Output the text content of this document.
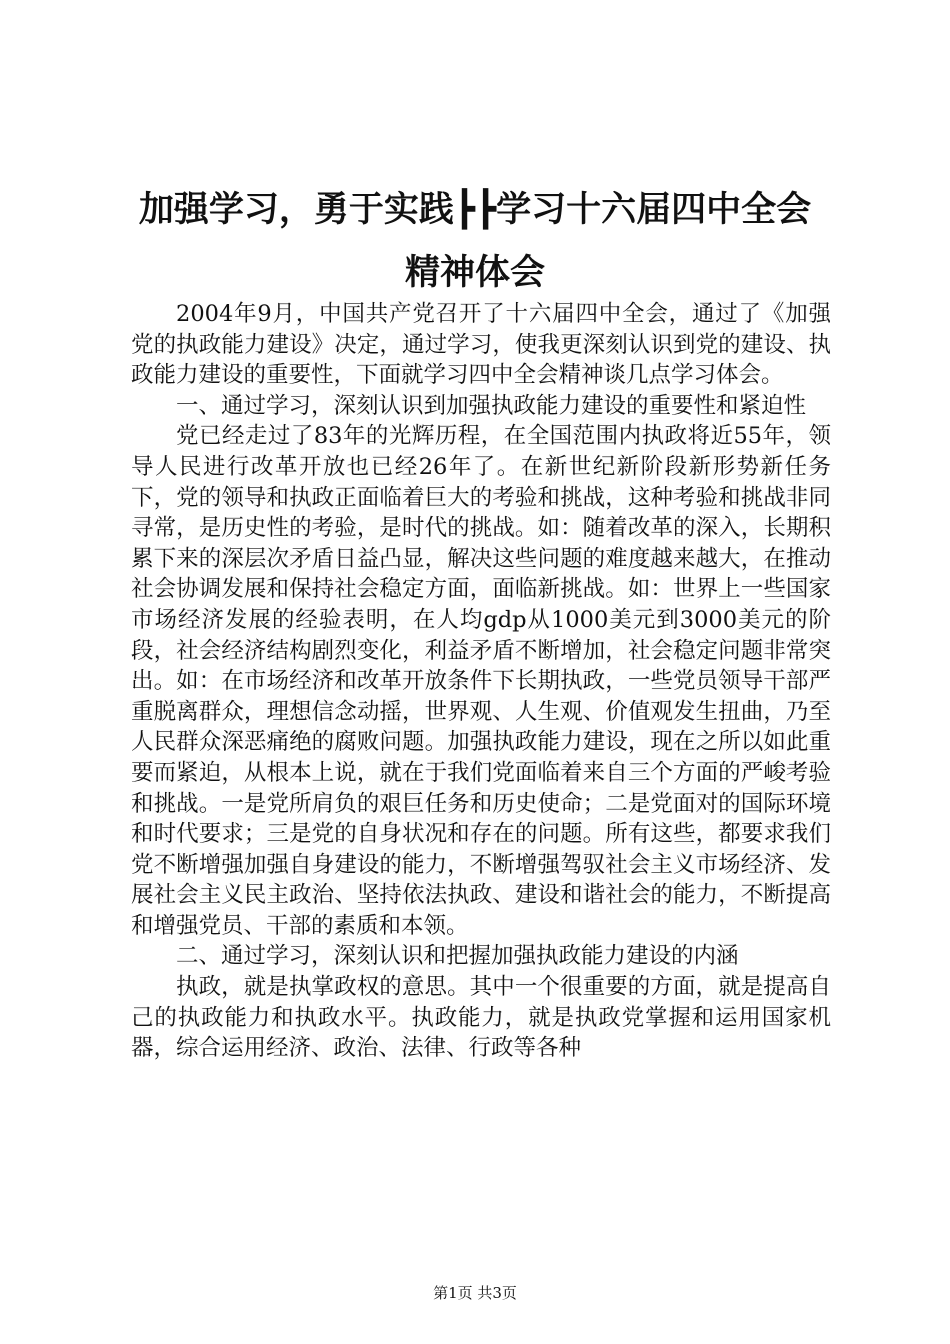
加强学习，勇于实践┣┣学习十六届四中全会
精神体会

2004年9月，中国共产党召开了十六届四中全会，通过了《加强党的执政能力建设》决定，通过学习，使我更深刻认识到党的建设、执政能力建设的重要性，下面就学习四中全会精神谈几点学习体会。

一、通过学习，深刻认识到加强执政能力建设的重要性和紧迫性

党已经走过了83年的光辉历程，在全国范围内执政将近55年，领导人民进行改革开放也已经26年了。在新世纪新阶段新形势新任务下，党的领导和执政正面临着巨大的考验和挑战，这种考验和挑战非同寻常，是历史性的考验，是时代的挑战。如：随着改革的深入，长期积累下来的深层次矛盾日益凸显，解决这些问题的难度越来越大，在推动社会协调发展和保持社会稳定方面，面临新挑战。如：世界上一些国家市场经济发展的经验表明，在人均gdp从1000美元到3000美元的阶段，社会经济结构剧烈变化，利益矛盾不断增加，社会稳定问题非常突出。如：在市场经济和改革开放条件下长期执政，一些党员领导干部严重脱离群众，理想信念动摇，世界观、人生观、价值观发生扭曲，乃至人民群众深恶痛绝的腐败问题。加强执政能力建设，现在之所以如此重要而紧迫，从根本上说，就在于我们党面临着来自三个方面的严峻考验和挑战。一是党所肩负的艰巨任务和历史使命；二是党面对的国际环境和时代要求；三是党的自身状况和存在的问题。所有这些，都要求我们党不断增强加强自身建设的能力，不断增强驾驭社会主义市场经济、发展社会主义民主政治、坚持依法执政、建设和谐社会的能力，不断提高和增强党员、干部的素质和本领。

二、通过学习，深刻认识和把握加强执政能力建设的内涵

执政，就是执掌政权的意思。其中一个很重要的方面，就是提高自己的执政能力和执政水平。执政能力，就是执政党掌握和运用国家机器，综合运用经济、政治、法律、行政等各种

第1页 共3页
